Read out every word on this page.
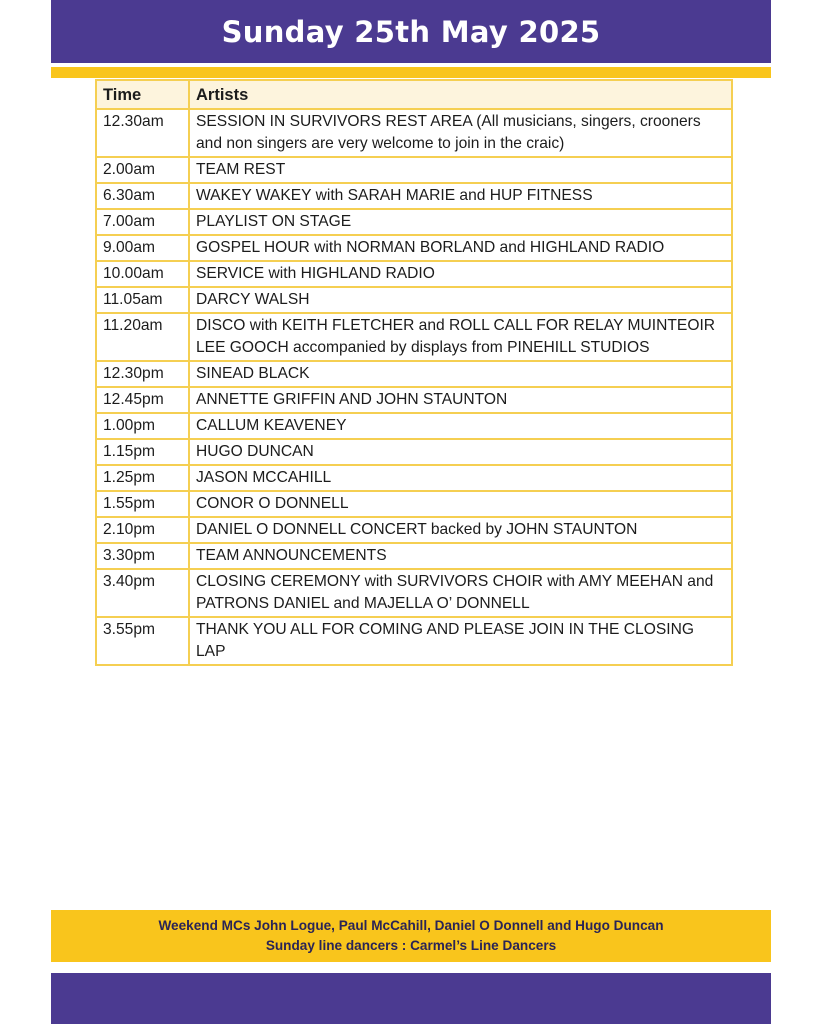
Sunday 25th May 2025
Time	Artists
12.30am	SESSION IN SURVIVORS REST AREA (All musicians, singers, crooners and non singers are very welcome to join in the craic)
2.00am	TEAM REST
6.30am	WAKEY WAKEY with SARAH MARIE and HUP FITNESS
7.00am	PLAYLIST ON STAGE
9.00am	GOSPEL HOUR with NORMAN BORLAND and HIGHLAND RADIO
10.00am	SERVICE with HIGHLAND RADIO
11.05am	DARCY WALSH
11.20am	DISCO with KEITH FLETCHER and ROLL CALL FOR RELAY MUINTEOIR LEE GOOCH accompanied by displays from PINEHILL STUDIOS
12.30pm	SINEAD BLACK
12.45pm	ANNETTE GRIFFIN AND JOHN STAUNTON
1.00pm	CALLUM KEAVENEY
1.15pm	HUGO DUNCAN
1.25pm	JASON MCCAHILL
1.55pm	CONOR O DONNELL
2.10pm	DANIEL O DONNELL CONCERT backed by JOHN STAUNTON
3.30pm	TEAM ANNOUNCEMENTS
3.40pm	CLOSING CEREMONY with SURVIVORS CHOIR with AMY MEEHAN and PATRONS DANIEL and MAJELLA O’ DONNELL
3.55pm	THANK YOU ALL FOR COMING AND PLEASE JOIN IN THE CLOSING LAP
Weekend MCs John Logue, Paul McCahill, Daniel O Donnell and Hugo Duncan
Sunday line dancers : Carmel’s Line Dancers
